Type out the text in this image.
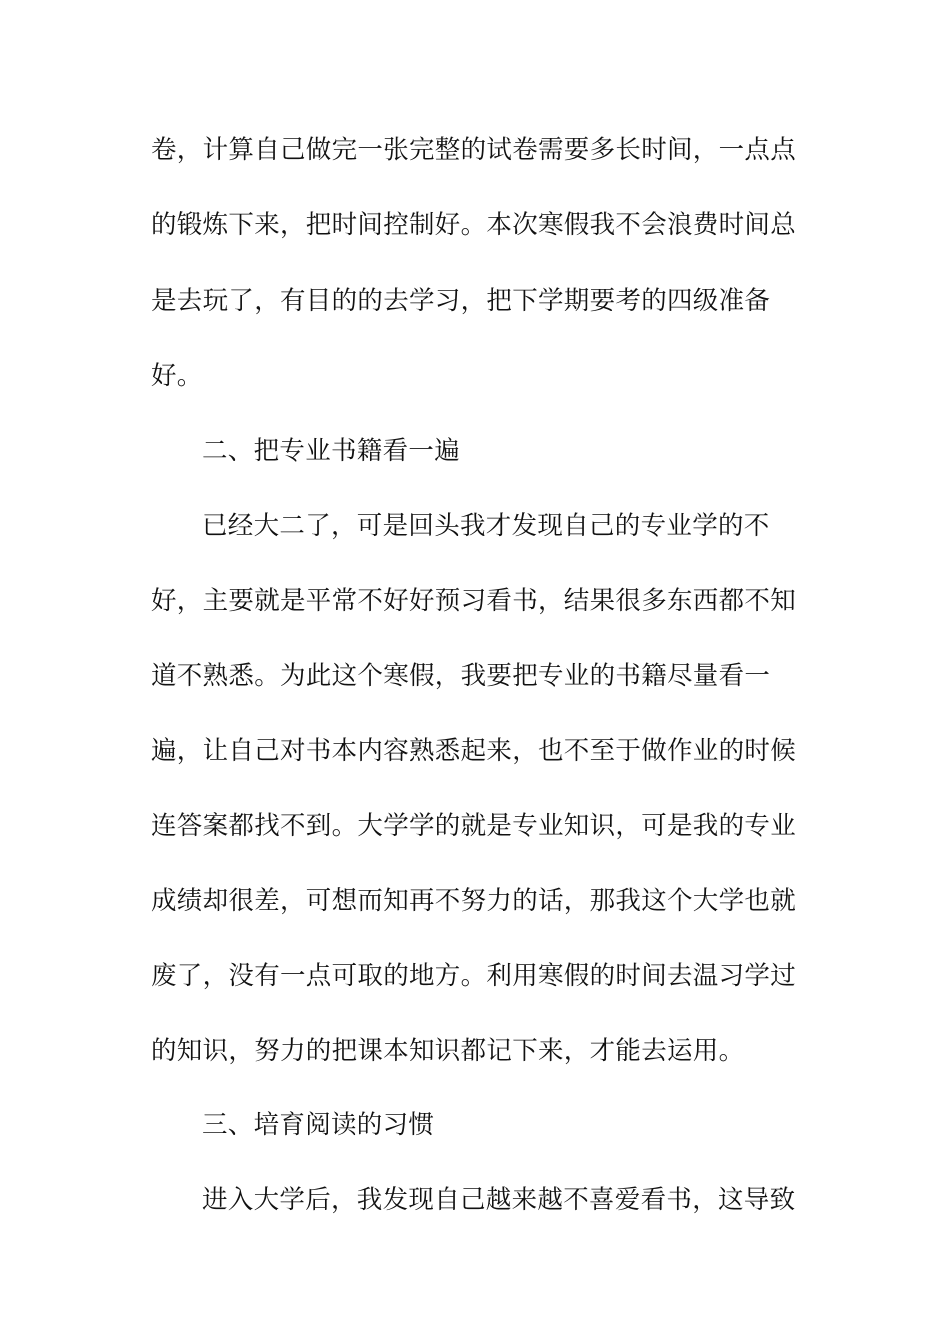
卷，计算自己做完一张完整的试卷需要多长时间，一点点
的锻炼下来，把时间控制好。本次寒假我不会浪费时间总
是去玩了，有目的的去学习，把下学期要考的四级准备
好。
二、把专业书籍看一遍
已经大二了，可是回头我才发现自己的专业学的不
好，主要就是平常不好好预习看书，结果很多东西都不知
道不熟悉。为此这个寒假，我要把专业的书籍尽量看一
遍，让自己对书本内容熟悉起来，也不至于做作业的时候
连答案都找不到。大学学的就是专业知识，可是我的专业
成绩却很差，可想而知再不努力的话，那我这个大学也就
废了，没有一点可取的地方。利用寒假的时间去温习学过
的知识，努力的把课本知识都记下来，才能去运用。
三、培育阅读的习惯
进入大学后，我发现自己越来越不喜爱看书，这导致
